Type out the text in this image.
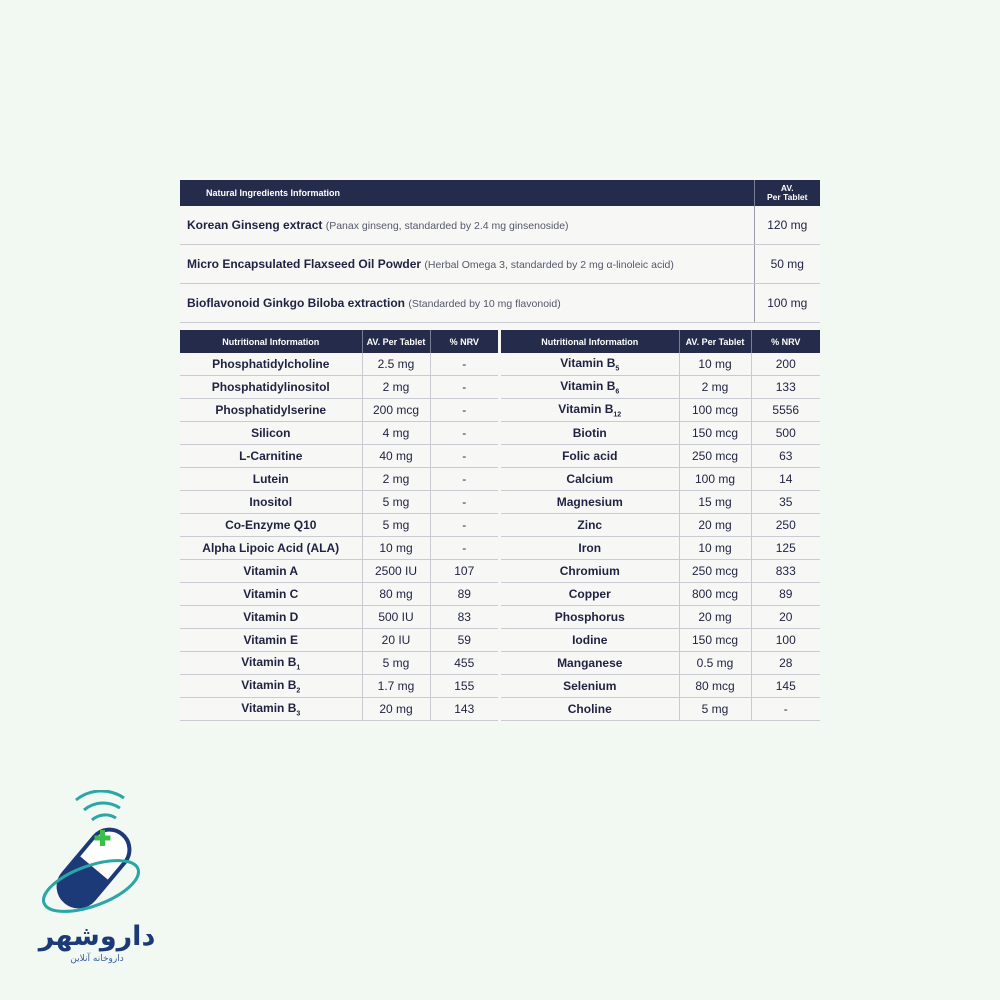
Natural Ingredients Information	AV.
Per Tablet
Korean Ginseng extract (Panax ginseng, standarded by 2.4 mg ginsenoside)	120 mg
Micro Encapsulated Flaxseed Oil Powder (Herbal Omega 3, standarded by 2 mg α-linoleic acid)	50 mg
Bioflavonoid Ginkgo Biloba extraction (Standarded by 10 mg flavonoid)	100 mg
Nutritional Information	AV. Per Tablet	% NRV
Phosphatidylcholine	2.5 mg	-
Phosphatidylinositol	2 mg	-
Phosphatidylserine	200 mcg	-
Silicon	4 mg	-
L-Carnitine	40 mg	-
Lutein	2 mg	-
Inositol	5 mg	-
Co-Enzyme Q10	5 mg	-
Alpha Lipoic Acid (ALA)	10 mg	-
Vitamin A	2500 IU	107
Vitamin C	80 mg	89
Vitamin D	500 IU	83
Vitamin E	20 IU	59
Vitamin $B_1$	5 mg	455
Vitamin $B_2$	1.7 mg	155
Vitamin $B_3$	20 mg	143
Nutritional Information	AV. Per Tablet	% NRV
Vitamin $B_5$	10 mg	200
Vitamin $B_6$	2 mg	133
Vitamin $B_{12}$	100 mcg	5556
Biotin	150 mcg	500
Folic acid	250 mcg	63
Calcium	100 mg	14
Magnesium	15 mg	35
Zinc	20 mg	250
Iron	10 mg	125
Chromium	250 mcg	833
Copper	800 mcg	89
Phosphorus	20 mg	20
Iodine	150 mcg	100
Manganese	0.5 mg	28
Selenium	80 mcg	145
Choline	5 mg	-
داروشهر
داروخانه آنلاین
